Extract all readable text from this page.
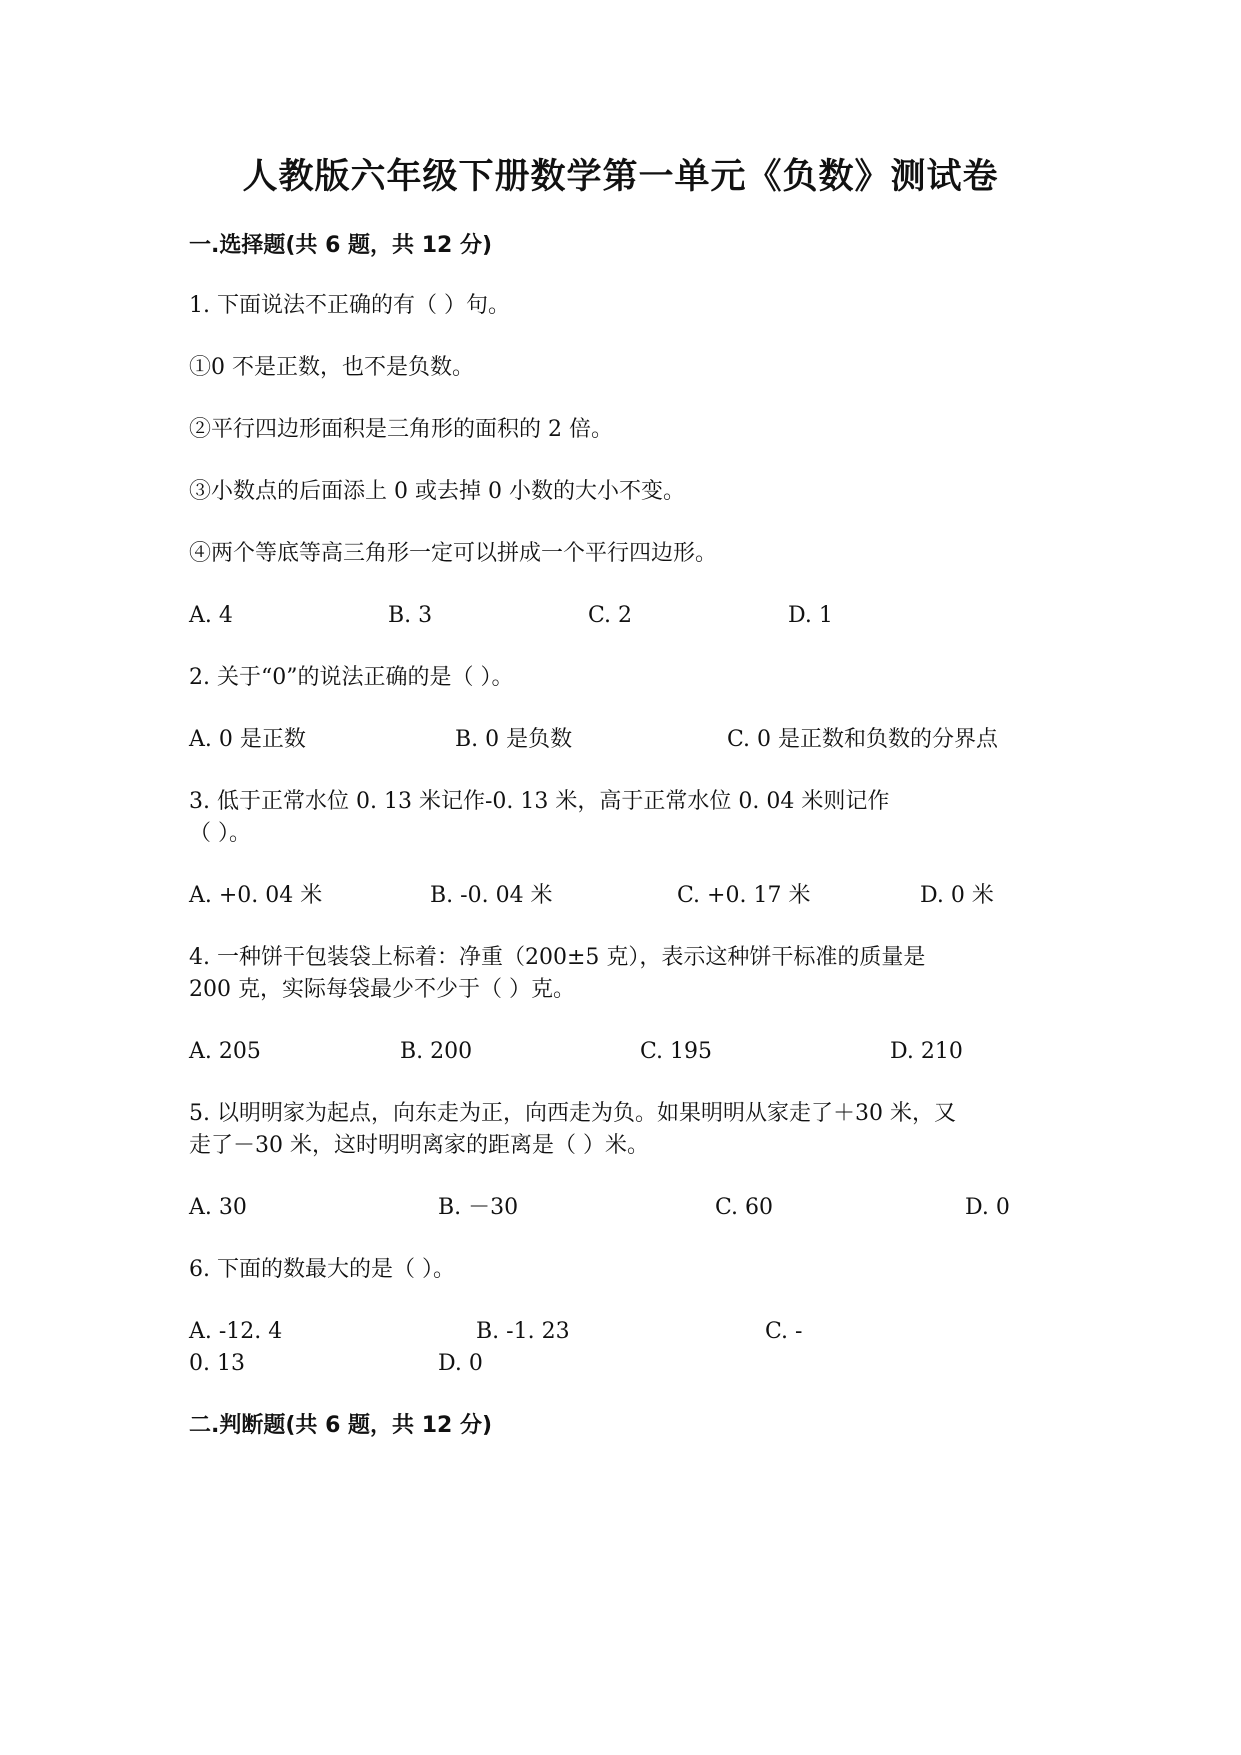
人教版六年级下册数学第一单元《负数》测试卷
一.选择题(共 6 题，共 12 分)
1. 下面说法不正确的有（ ）句。
①0 不是正数，也不是负数。
②平行四边形面积是三角形的面积的 2 倍。
③小数点的后面添上 0 或去掉 0 小数的大小不变。
④两个等底等高三角形一定可以拼成一个平行四边形。
A. 4	B. 3	C. 2	D. 1
2. 关于“0”的说法正确的是（ ）。
A. 0 是正数	B. 0 是负数	C. 0 是正数和负数的分界点
3. 低于正常水位 0. 13 米记作-0. 13 米，高于正常水位 0. 04 米则记作
（ ）。
A. +0. 04 米	B. -0. 04 米	C. +0. 17 米	D. 0 米
4. 一种饼干包装袋上标着：净重（200±5 克），表示这种饼干标准的质量是
200 克，实际每袋最少不少于（ ）克。
A. 205	B. 200	C. 195	D. 210
5. 以明明家为起点，向东走为正，向西走为负。如果明明从家走了＋30 米，又
走了－30 米，这时明明离家的距离是（ ）米。
A. 30	B. －30	C. 60	D. 0
6. 下面的数最大的是（ ）。
A. -12. 4	B. -1. 23	C. -
0. 13	D. 0
二.判断题(共 6 题，共 12 分)
